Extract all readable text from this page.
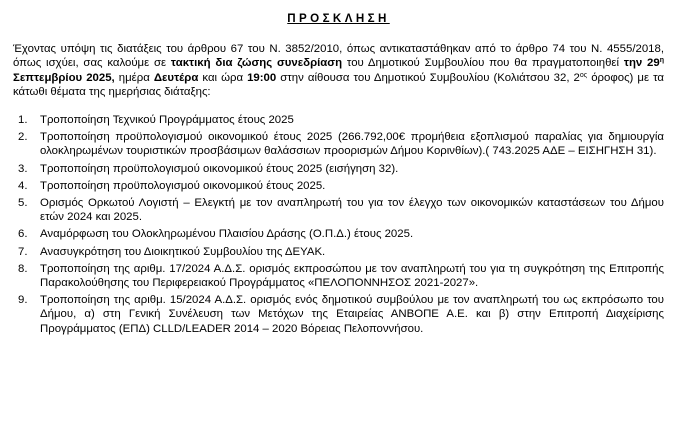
ΠΡΟΣΚΛΗΣΗ
Έχοντας υπόψη τις διατάξεις του άρθρου 67 του Ν. 3852/2010, όπως αντικαταστάθηκαν από το άρθρο 74 του Ν. 4555/2018, όπως ισχύει, σας καλούμε σε τακτική δια ζώσης συνεδρίαση του Δημοτικού Συμβουλίου που θα πραγματοποιηθεί την $29^\eta$ Σεπτεμβρίου 2025, ημέρα Δευτέρα και ώρα 19:00 στην αίθουσα του Δημοτικού Συμβουλίου (Κολιάτσου 32, $2^{o\varsigma}$ όροφος) με τα κάτωθι θέματα της ημερήσιας διάταξης:
1. Τροποποίηση Τεχνικού Προγράμματος έτους 2025
2. Τροποποίηση προϋπολογισμού οικονομικού έτους 2025 (266.792,00€ προμήθεια εξοπλισμού παραλίας για δημιουργία ολοκληρωμένων τουριστικών προσβάσιμων θαλάσσιων προορισμών Δήμου Κορινθίων).( 743.2025 ΑΔΕ – ΕΙΣΗΓΗΣΗ 31).
3. Τροποποίηση προϋπολογισμού οικονομικού έτους 2025 (εισήγηση 32).
4. Τροποποίηση προϋπολογισμού οικονομικού έτους 2025.
5. Ορισμός Ορκωτού Λογιστή – Ελεγκτή με τον αναπληρωτή του για τον έλεγχο των οικονομικών καταστάσεων του Δήμου ετών 2024 και 2025.
6. Αναμόρφωση του Ολοκληρωμένου Πλαισίου Δράσης (Ο.Π.Δ.) έτους 2025.
7. Ανασυγκρότηση του Διοικητικού Συμβουλίου της ΔΕΥΑΚ.
8. Τροποποίηση της αριθμ. 17/2024 Α.Δ.Σ. ορισμός εκπροσώπου με τον αναπληρωτή του για τη συγκρότηση της Επιτροπής Παρακολούθησης του Περιφερειακού Προγράμματος «ΠΕΛΟΠΟΝΝΗΣΟΣ 2021-2027».
9. Τροποποίηση της αριθμ. 15/2024 Α.Δ.Σ. ορισμός ενός δημοτικού συμβούλου με τον αναπληρωτή του ως εκπρόσωπο του Δήμου, α) στη Γενική Συνέλευση των Μετόχων της Εταιρείας ΑΝΒΟΠΕ Α.Ε. και β) στην Επιτροπή Διαχείρισης Προγράμματος (ΕΠΔ) CLLD/LEADER 2014 – 2020 Βόρειας Πελοποννήσου.
